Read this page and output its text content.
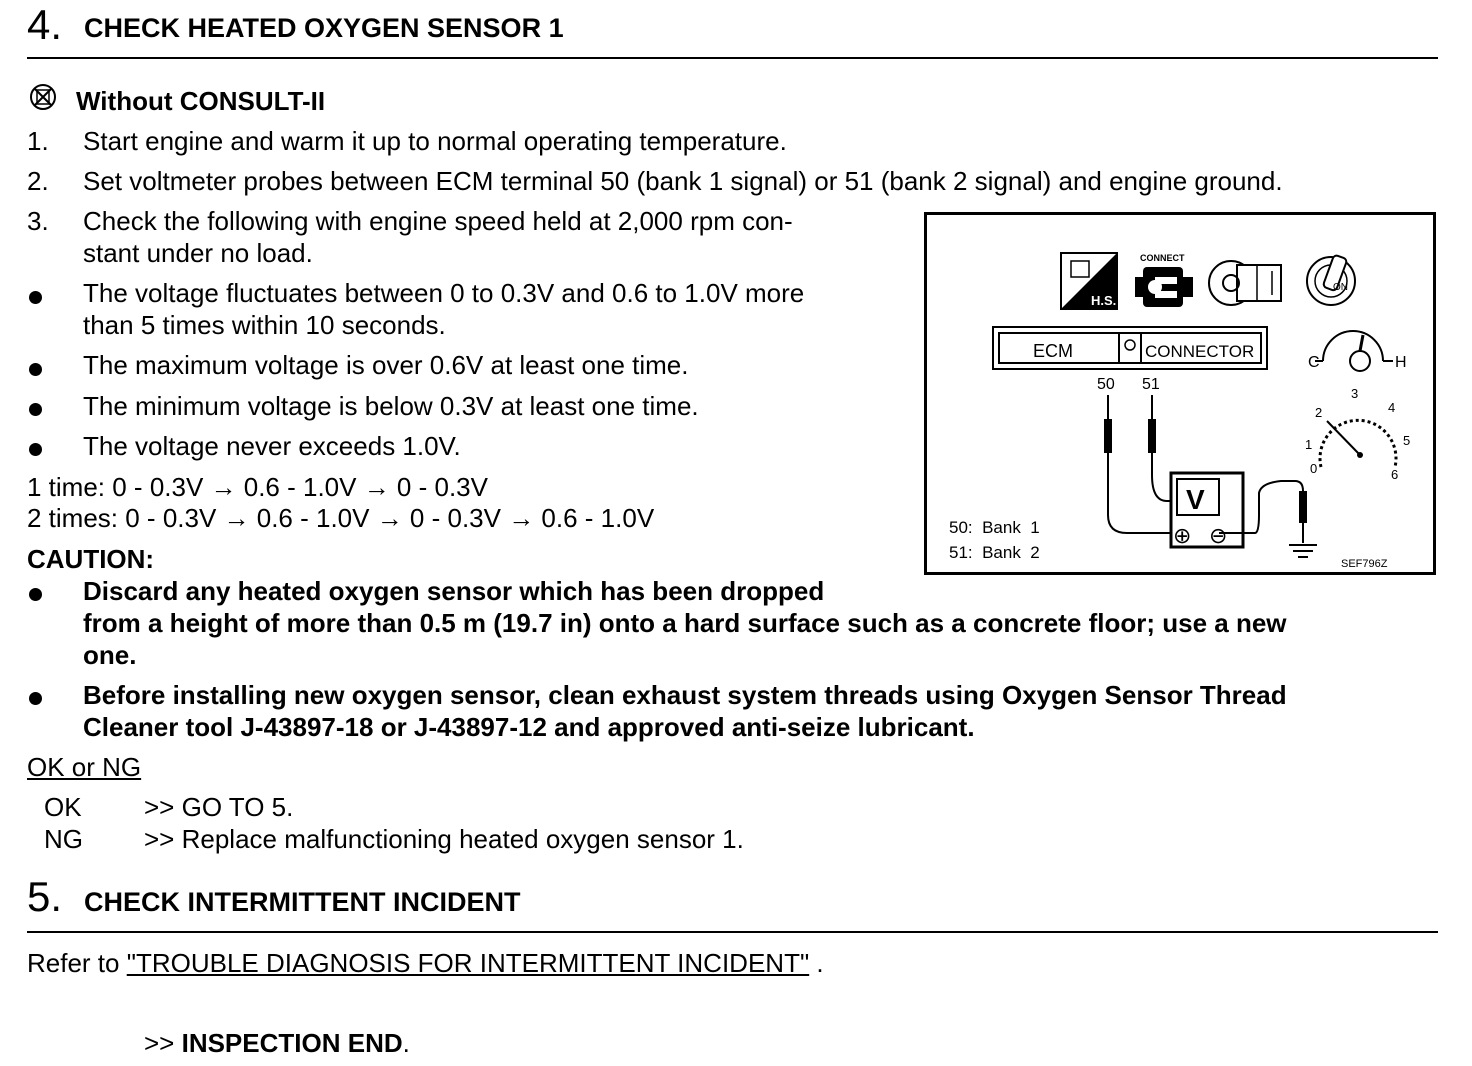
4. CHECK HEATED OXYGEN SENSOR 1
Without CONSULT-II
1. Start engine and warm it up to normal operating temperature.
2. Set voltmeter probes between ECM terminal 50 (bank 1 signal) or 51 (bank 2 signal) and engine ground.
3. Check the following with engine speed held at 2,000 rpm con-
stant under no load.
The voltage fluctuates between 0 to 0.3V and 0.6 to 1.0V more
than 5 times within 10 seconds.
The maximum voltage is over 0.6V at least one time.
The minimum voltage is below 0.3V at least one time.
The voltage never exceeds 1.0V.
1 time: 0 - 0.3V → 0.6 - 1.0V → 0 - 0.3V
2 times: 0 - 0.3V → 0.6 - 1.0V → 0 - 0.3V → 0.6 - 1.0V
CAUTION:
Discard any heated oxygen sensor which has been dropped
from a height of more than 0.5 m (19.7 in) onto a hard surface such as a concrete floor; use a new
one.
Before installing new oxygen sensor, clean exhaust system threads using Oxygen Sensor Thread
Cleaner tool J-43897-18 or J-43897-12 and approved anti-seize lubricant.
OK or NG
OK >> GO TO 5.
NG >> Replace malfunctioning heated oxygen sensor 1.
5. CHECK INTERMITTENT INCIDENT
Refer to "TROUBLE DIAGNOSIS FOR INTERMITTENT INCIDENT" .
>> INSPECTION END.
H.S.
CONNECT
ON
ECM	CONNECTOR
50 51
V
⊕ ⊖
C	H
0
1
2
3
4
5
6
50:  Bank  1
51:  Bank  2
SEF796Z
